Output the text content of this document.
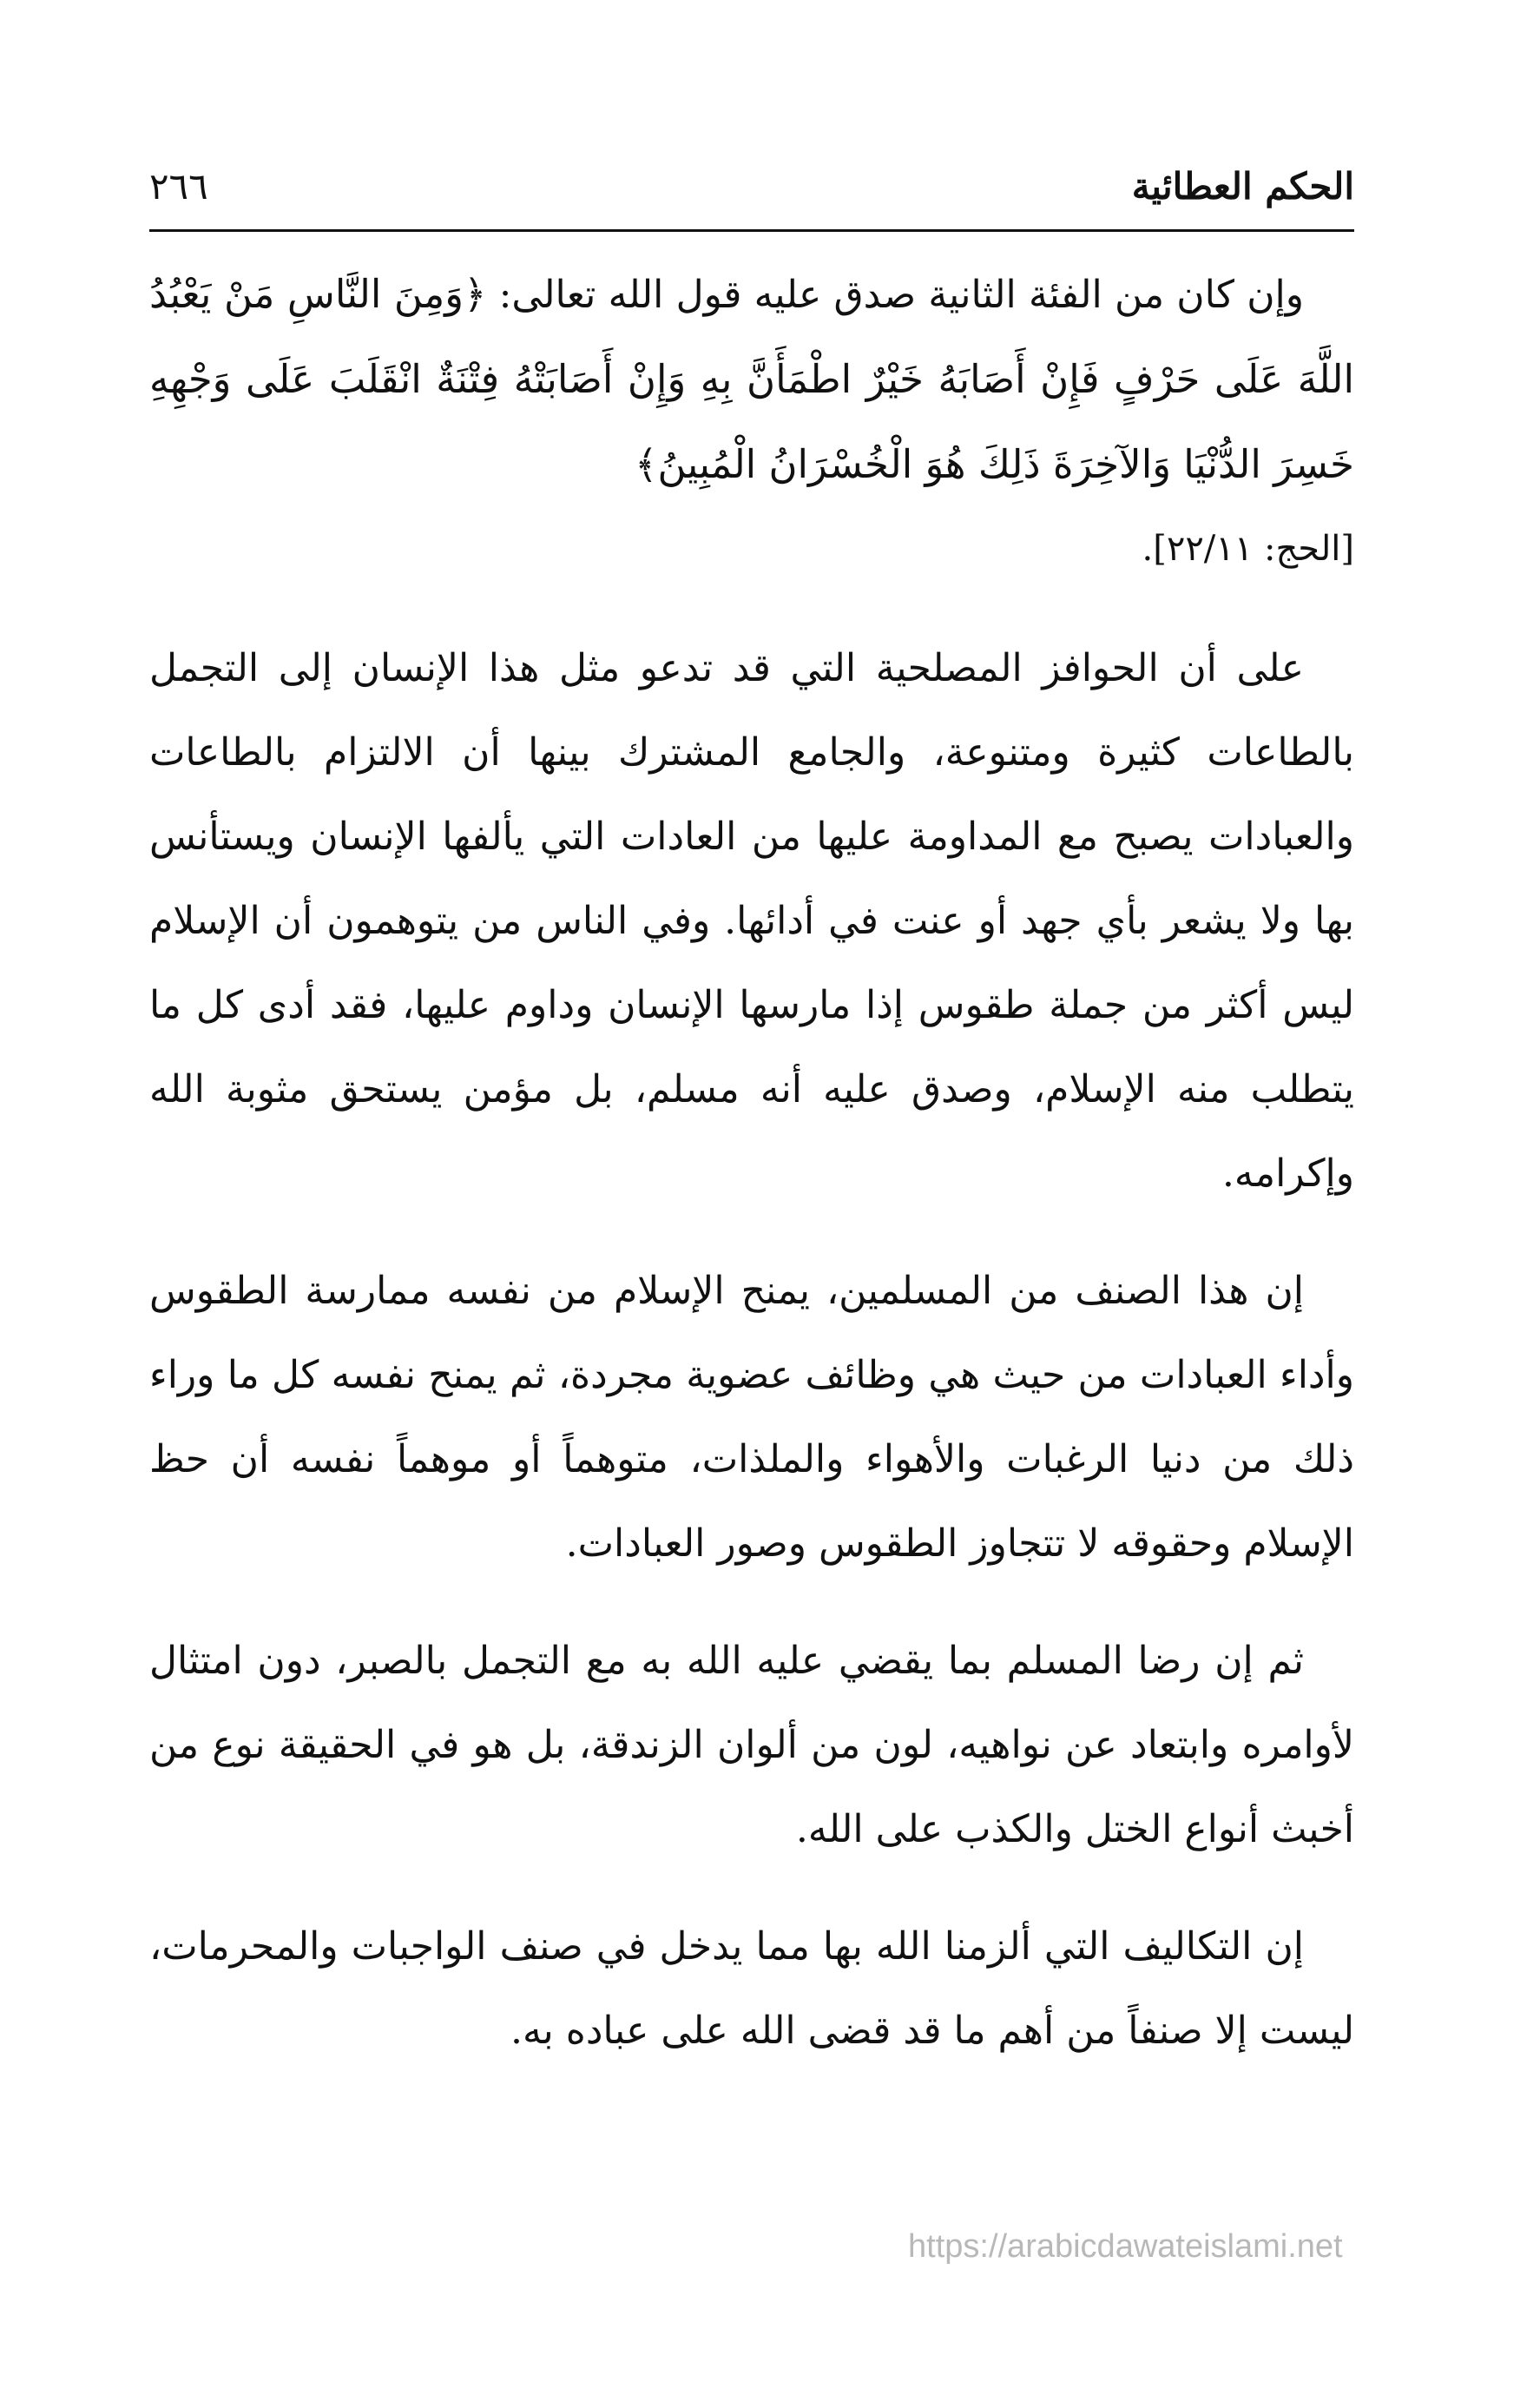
الحكم العطائية
٢٦٦

وإن كان من الفئة الثانية صدق عليه قول الله تعالى: ﴿وَمِنَ النَّاسِ مَنْ يَعْبُدُ اللَّهَ عَلَى حَرْفٍ فَإِنْ أَصَابَهُ خَيْرٌ اطْمَأَنَّ بِهِ وَإِنْ أَصَابَتْهُ فِتْنَةٌ انْقَلَبَ عَلَى وَجْهِهِ خَسِرَ الدُّنْيَا وَالآخِرَةَ ذَلِكَ هُوَ الْخُسْرَانُ الْمُبِينُ﴾

[الحج: ٢٢/١١].

على أن الحوافز المصلحية التي قد تدعو مثل هذا الإنسان إلى التجمل بالطاعات كثيرة ومتنوعة، والجامع المشترك بينها أن الالتزام بالطاعات والعبادات يصبح مع المداومة عليها من العادات التي يألفها الإنسان ويستأنس بها ولا يشعر بأي جهد أو عنت في أدائها. وفي الناس من يتوهمون أن الإسلام ليس أكثر من جملة طقوس إذا مارسها الإنسان وداوم عليها، فقد أدى كل ما يتطلب منه الإسلام، وصدق عليه أنه مسلم، بل مؤمن يستحق مثوبة الله وإكرامه.

إن هذا الصنف من المسلمين، يمنح الإسلام من نفسه ممارسة الطقوس وأداء العبادات من حيث هي وظائف عضوية مجردة، ثم يمنح نفسه كل ما وراء ذلك من دنيا الرغبات والأهواء والملذات، متوهماً أو موهماً نفسه أن حظ الإسلام وحقوقه لا تتجاوز الطقوس وصور العبادات.

ثم إن رضا المسلم بما يقضي عليه الله به مع التجمل بالصبر، دون امتثال لأوامره وابتعاد عن نواهيه، لون من ألوان الزندقة، بل هو في الحقيقة نوع من أخبث أنواع الختل والكذب على الله.

إن التكاليف التي ألزمنا الله بها مما يدخل في صنف الواجبات والمحرمات، ليست إلا صنفاً من أهم ما قد قضى الله على عباده به.

https://arabicdawateislami.net
